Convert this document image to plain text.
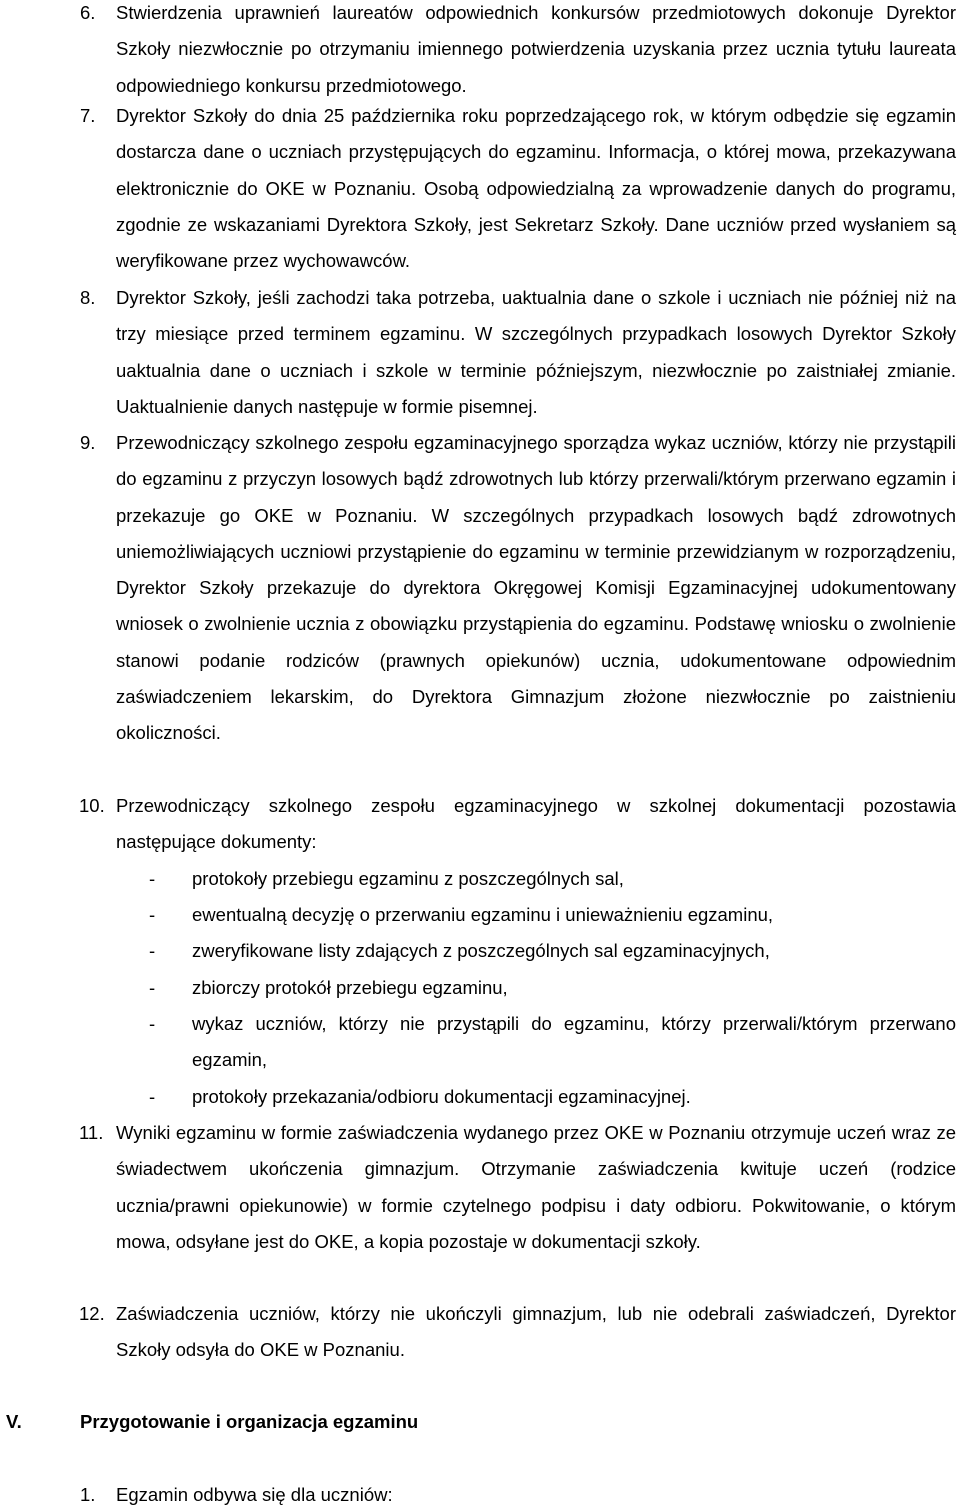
6. Stwierdzenia uprawnień laureatów odpowiednich konkursów przedmiotowych dokonuje Dyrektor Szkoły niezwłocznie po otrzymaniu imiennego potwierdzenia uzyskania przez ucznia tytułu laureata odpowiedniego konkursu przedmiotowego.
7. Dyrektor Szkoły do dnia 25 października roku poprzedzającego rok, w którym odbędzie się egzamin dostarcza dane o uczniach przystępujących do egzaminu. Informacja, o której mowa, przekazywana elektronicznie do OKE w Poznaniu. Osobą odpowiedzialną za wprowadzenie danych do programu, zgodnie ze wskazaniami Dyrektora Szkoły, jest Sekretarz Szkoły. Dane uczniów przed wysłaniem są weryfikowane przez wychowawców.
8. Dyrektor Szkoły, jeśli zachodzi taka potrzeba, uaktualnia dane o szkole i uczniach nie później niż na trzy miesiące przed terminem egzaminu. W szczególnych przypadkach losowych Dyrektor Szkoły uaktualnia dane o uczniach i szkole w terminie późniejszym, niezwłocznie po zaistniałej zmianie. Uaktualnienie danych następuje w formie pisemnej.
9. Przewodniczący szkolnego zespołu egzaminacyjnego sporządza wykaz uczniów, którzy nie przystąpili do egzaminu z przyczyn losowych bądź zdrowotnych lub którzy przerwali/którym przerwano egzamin i przekazuje go OKE w Poznaniu. W szczególnych przypadkach losowych bądź zdrowotnych uniemożliwiających uczniowi przystąpienie do egzaminu w terminie przewidzianym w rozporządzeniu, Dyrektor Szkoły przekazuje do dyrektora Okręgowej Komisji Egzaminacyjnej udokumentowany wniosek o zwolnienie ucznia z obowiązku przystąpienia do egzaminu. Podstawę wniosku o zwolnienie stanowi podanie rodziców (prawnych opiekunów) ucznia, udokumentowane odpowiednim zaświadczeniem lekarskim, do Dyrektora Gimnazjum złożone niezwłocznie po zaistnieniu okoliczności.
10. Przewodniczący szkolnego zespołu egzaminacyjnego w szkolnej dokumentacji pozostawia następujące dokumenty:
- protokoły przebiegu egzaminu z poszczególnych sal,
- ewentualną decyzję o przerwaniu egzaminu i unieważnieniu egzaminu,
- zweryfikowane listy zdających z poszczególnych sal egzaminacyjnych,
- zbiorczy protokół przebiegu egzaminu,
- wykaz uczniów, którzy nie przystąpili do egzaminu, którzy przerwali/którym przerwano egzamin,
- protokoły przekazania/odbioru dokumentacji egzaminacyjnej.
11. Wyniki egzaminu w formie zaświadczenia wydanego przez OKE w Poznaniu otrzymuje uczeń wraz ze świadectwem ukończenia gimnazjum. Otrzymanie zaświadczenia kwituje uczeń (rodzice ucznia/prawni opiekunowie) w formie czytelnego podpisu i daty odbioru. Pokwitowanie, o którym mowa, odsyłane jest do OKE, a kopia pozostaje w dokumentacji szkoły.
12. Zaświadczenia uczniów, którzy nie ukończyli gimnazjum, lub nie odebrali zaświadczeń, Dyrektor Szkoły odsyła do OKE w Poznaniu.
V.	Przygotowanie i organizacja egzaminu
1. Egzamin odbywa się dla uczniów:
